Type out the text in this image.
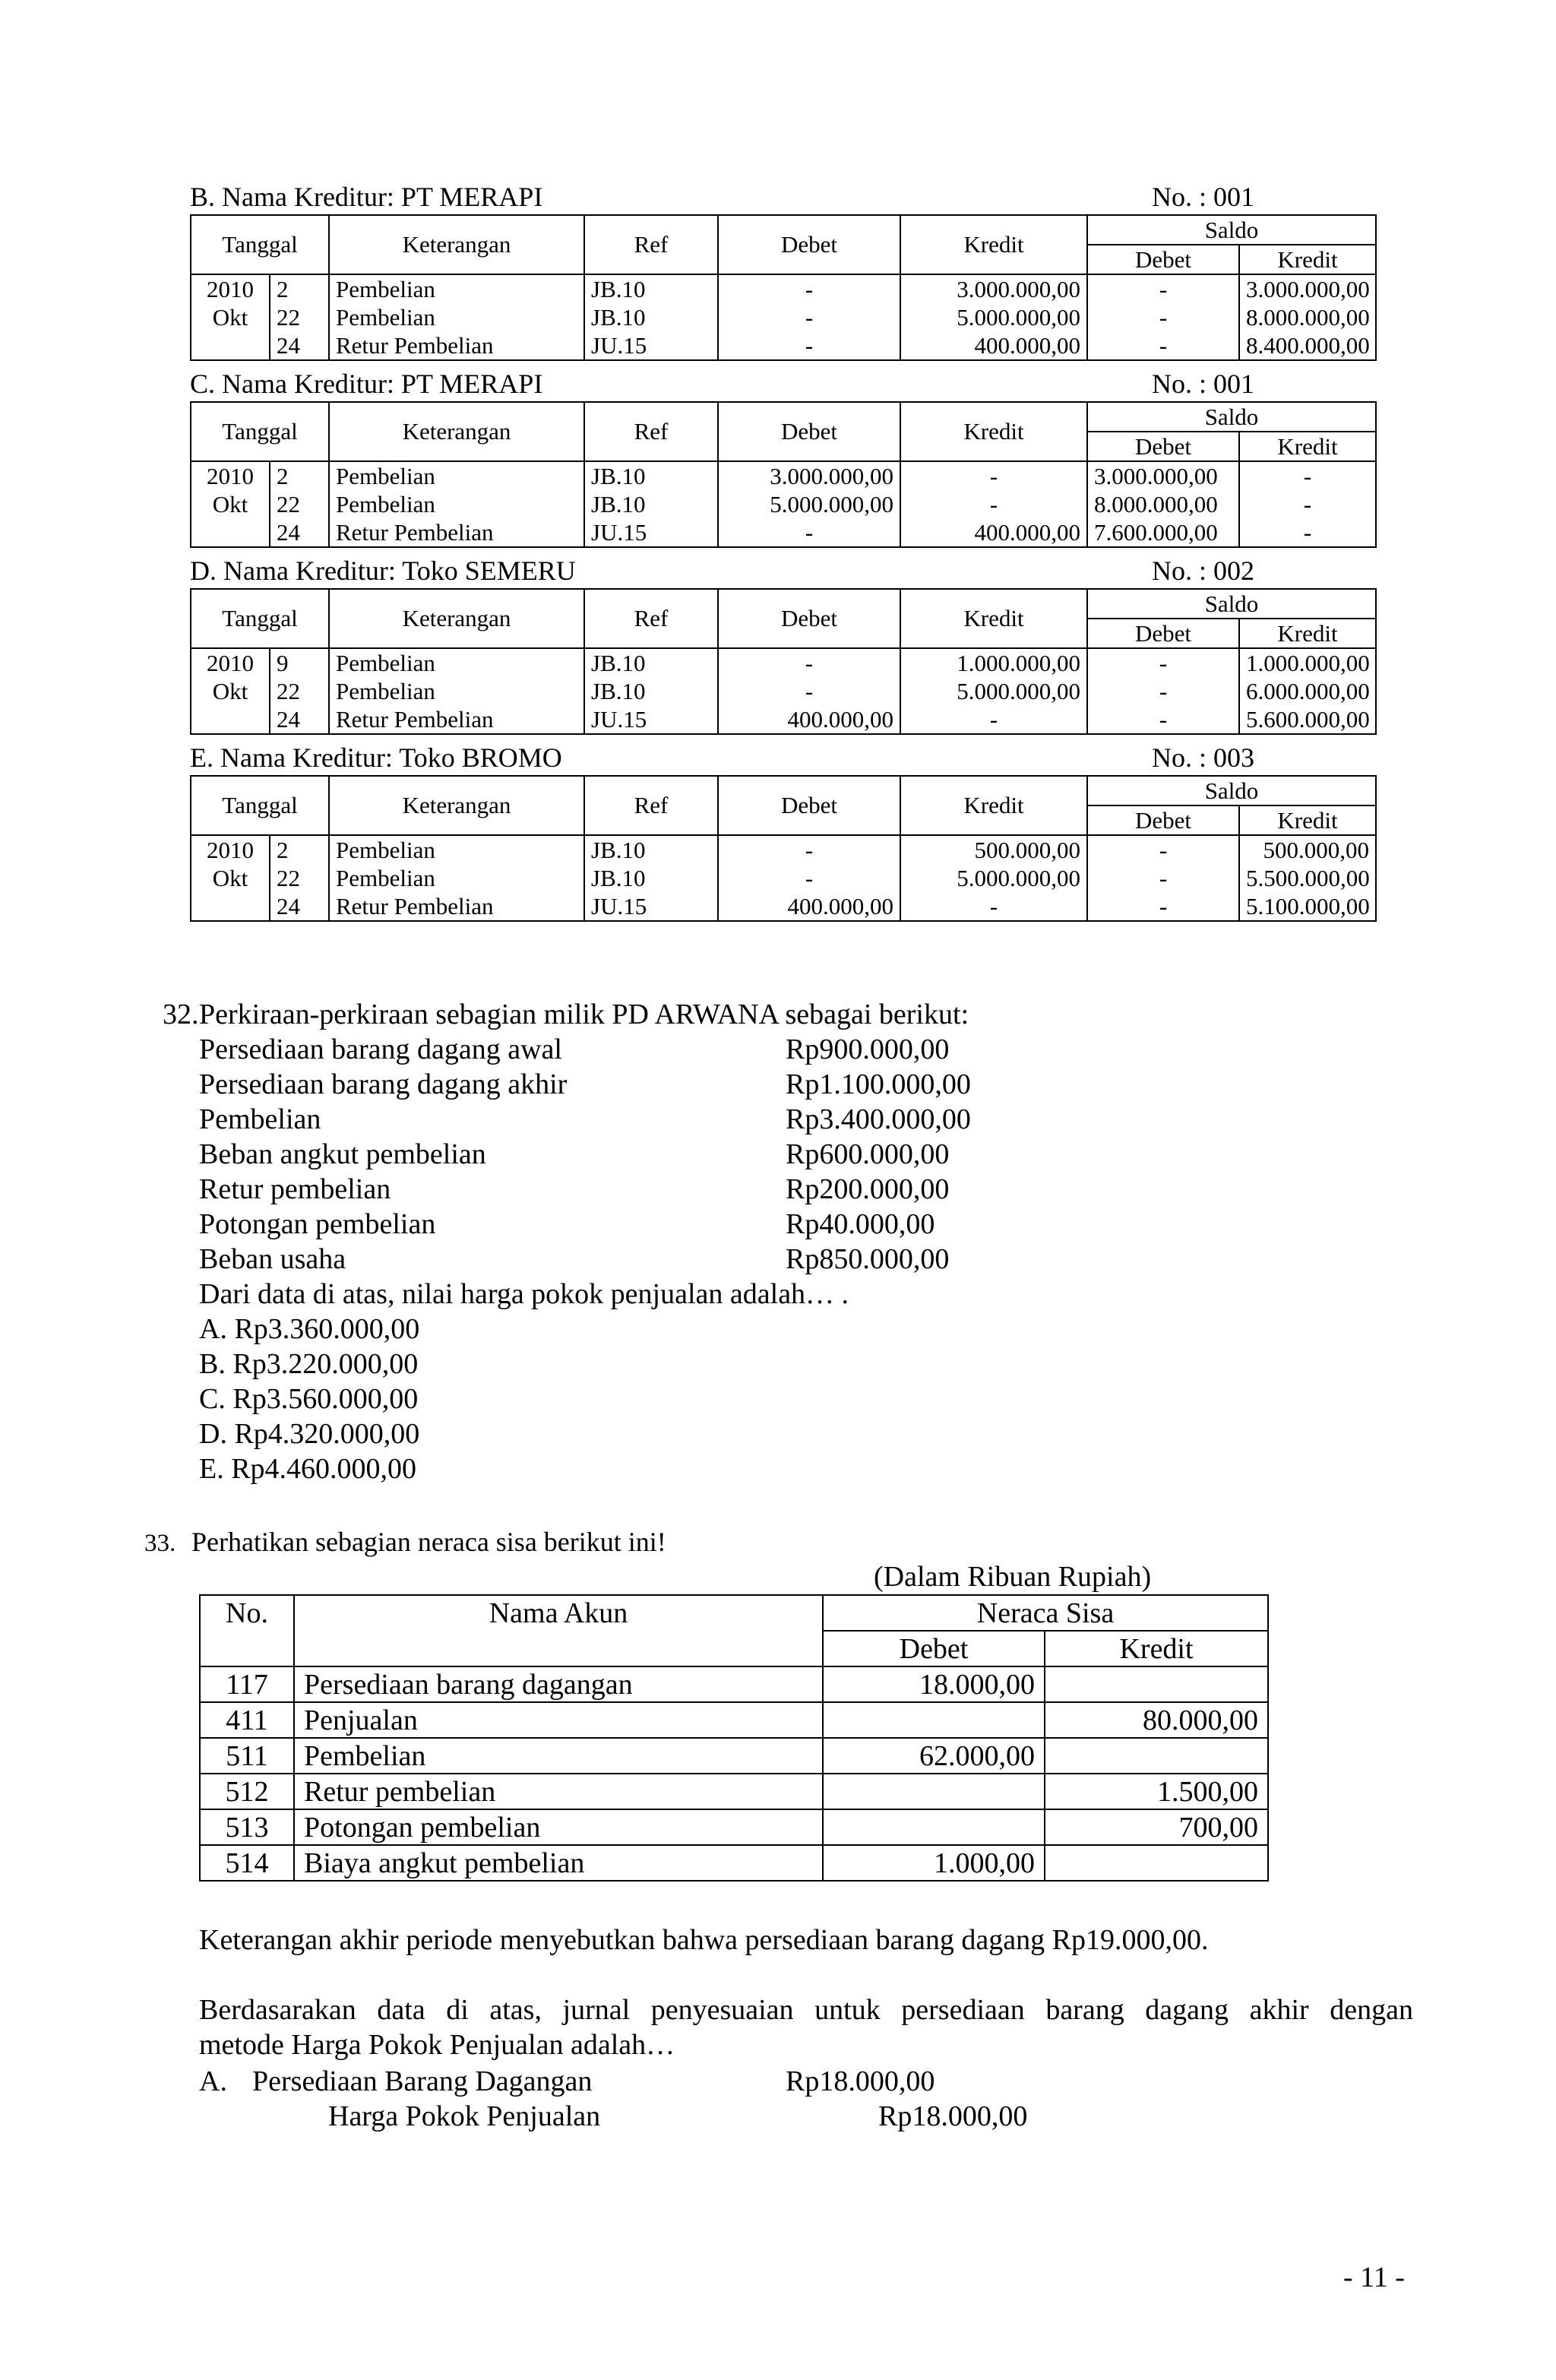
B. Nama Kreditur: PT MERAPI	No. : 001
Tanggal		Keterangan	Ref	Debet	Kredit	Saldo	
						Debet	Kredit
2010	2	Pembelian	JB.10	-	3.000.000,00	-	3.000.000,00
Okt	22	Pembelian	JB.10	-	5.000.000,00	-	8.000.000,00
	24	Retur Pembelian	JU.15	-	400.000,00	-	8.400.000,00
C. Nama Kreditur: PT MERAPI	No. : 001
Tanggal		Keterangan	Ref	Debet	Kredit	Saldo	
						Debet	Kredit
2010	2	Pembelian	JB.10	3.000.000,00	-	3.000.000,00	-
Okt	22	Pembelian	JB.10	5.000.000,00	-	8.000.000,00	-
	24	Retur Pembelian	JU.15	-	400.000,00	7.600.000,00	-
D. Nama Kreditur: Toko SEMERU	No. : 002
Tanggal		Keterangan	Ref	Debet	Kredit	Saldo	
						Debet	Kredit
2010	9	Pembelian	JB.10	-	1.000.000,00	-	1.000.000,00
Okt	22	Pembelian	JB.10	-	5.000.000,00	-	6.000.000,00
	24	Retur Pembelian	JU.15	400.000,00	-	-	5.600.000,00
E. Nama Kreditur: Toko BROMO	No. : 003
Tanggal		Keterangan	Ref	Debet	Kredit	Saldo	
						Debet	Kredit
2010	2	Pembelian	JB.10	-	500.000,00	-	500.000,00
Okt	22	Pembelian	JB.10	-	5.000.000,00	-	5.500.000,00
	24	Retur Pembelian	JU.15	400.000,00	-	-	5.100.000,00
32. Perkiraan-perkiraan sebagian milik PD ARWANA sebagai berikut:
Persediaan barang dagang awal	Rp900.000,00
Persediaan barang dagang akhir	Rp1.100.000,00
Pembelian	Rp3.400.000,00
Beban angkut pembelian	Rp600.000,00
Retur pembelian	Rp200.000,00
Potongan pembelian	Rp40.000,00
Beban usaha	Rp850.000,00
Dari data di atas, nilai harga pokok penjualan adalah… .
A. Rp3.360.000,00
B. Rp3.220.000,00
C. Rp3.560.000,00
D. Rp4.320.000,00
E. Rp4.460.000,00
33. Perhatikan sebagian neraca sisa berikut ini!
(Dalam Ribuan Rupiah)
No.	Nama Akun	Neraca Sisa	
		Debet	Kredit
117	Persediaan barang dagangan	18.000,00	
411	Penjualan		80.000,00
511	Pembelian	62.000,00	
512	Retur pembelian		1.500,00
513	Potongan pembelian		700,00
514	Biaya angkut pembelian	1.000,00	
Keterangan akhir periode menyebutkan bahwa persediaan barang dagang Rp19.000,00.
Berdasarakan data di atas, jurnal penyesuaian untuk persediaan barang dagang akhir dengan
metode Harga Pokok Penjualan adalah…
A. Persediaan Barang Dagangan	Rp18.000,00
Harga Pokok Penjualan	Rp18.000,00
- 11 -
